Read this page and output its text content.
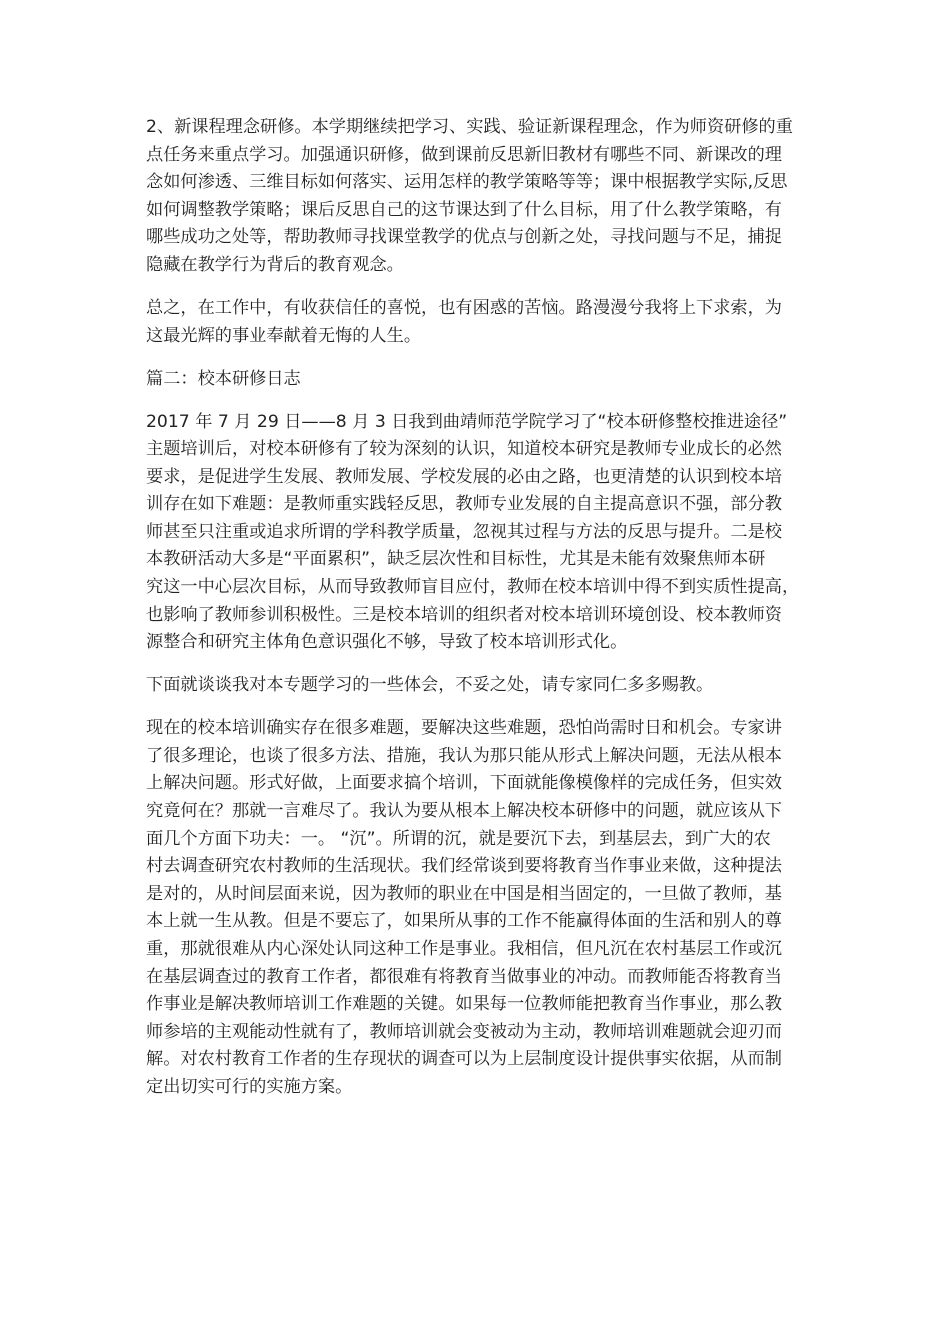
2、新课程理念研修。本学期继续把学习、实践、验证新课程理念，作为师资研修的重
点任务来重点学习。加强通识研修，做到课前反思新旧教材有哪些不同、新课改的理
念如何渗透、三维目标如何落实、运用怎样的教学策略等等；课中根据教学实际,反思
如何调整教学策略；课后反思自己的这节课达到了什么目标，用了什么教学策略，有
哪些成功之处等，帮助教师寻找课堂教学的优点与创新之处，寻找问题与不足，捕捉
隐藏在教学行为背后的教育观念。

总之，在工作中，有收获信任的喜悦，也有困惑的苦恼。路漫漫兮我将上下求索，为
这最光辉的事业奉献着无悔的人生。

篇二：校本研修日志

2017 年 7 月 29 日——8 月 3 日我到曲靖师范学院学习了“校本研修整校推进途径”
主题培训后，对校本研修有了较为深刻的认识，知道校本研究是教师专业成长的必然
要求，是促进学生发展、教师发展、学校发展的必由之路，也更清楚的认识到校本培
训存在如下难题：是教师重实践轻反思，教师专业发展的自主提高意识不强，部分教
师甚至只注重或追求所谓的学科教学质量，忽视其过程与方法的反思与提升。二是校
本教研活动大多是“平面累积”，缺乏层次性和目标性，尤其是未能有效聚焦师本研
究这一中心层次目标，从而导致教师盲目应付，教师在校本培训中得不到实质性提高，
也影响了教师参训积极性。三是校本培训的组织者对校本培训环境创设、校本教师资
源整合和研究主体角色意识强化不够，导致了校本培训形式化。

下面就谈谈我对本专题学习的一些体会，不妥之处，请专家同仁多多赐教。

现在的校本培训确实存在很多难题，要解决这些难题，恐怕尚需时日和机会。专家讲
了很多理论，也谈了很多方法、措施，我认为那只能从形式上解决问题，无法从根本
上解决问题。形式好做，上面要求搞个培训，下面就能像模像样的完成任务，但实效
究竟何在？那就一言难尽了。我认为要从根本上解决校本研修中的问题，就应该从下
面几个方面下功夫：一。 “沉”。所谓的沉，就是要沉下去，到基层去，到广大的农
村去调查研究农村教师的生活现状。我们经常谈到要将教育当作事业来做，这种提法
是对的，从时间层面来说，因为教师的职业在中国是相当固定的，一旦做了教师，基
本上就一生从教。但是不要忘了，如果所从事的工作不能赢得体面的生活和别人的尊
重，那就很难从内心深处认同这种工作是事业。我相信，但凡沉在农村基层工作或沉
在基层调查过的教育工作者，都很难有将教育当做事业的冲动。而教师能否将教育当
作事业是解决教师培训工作难题的关键。如果每一位教师能把教育当作事业，那么教
师参培的主观能动性就有了，教师培训就会变被动为主动，教师培训难题就会迎刃而
解。对农村教育工作者的生存现状的调查可以为上层制度设计提供事实依据，从而制
定出切实可行的实施方案。
